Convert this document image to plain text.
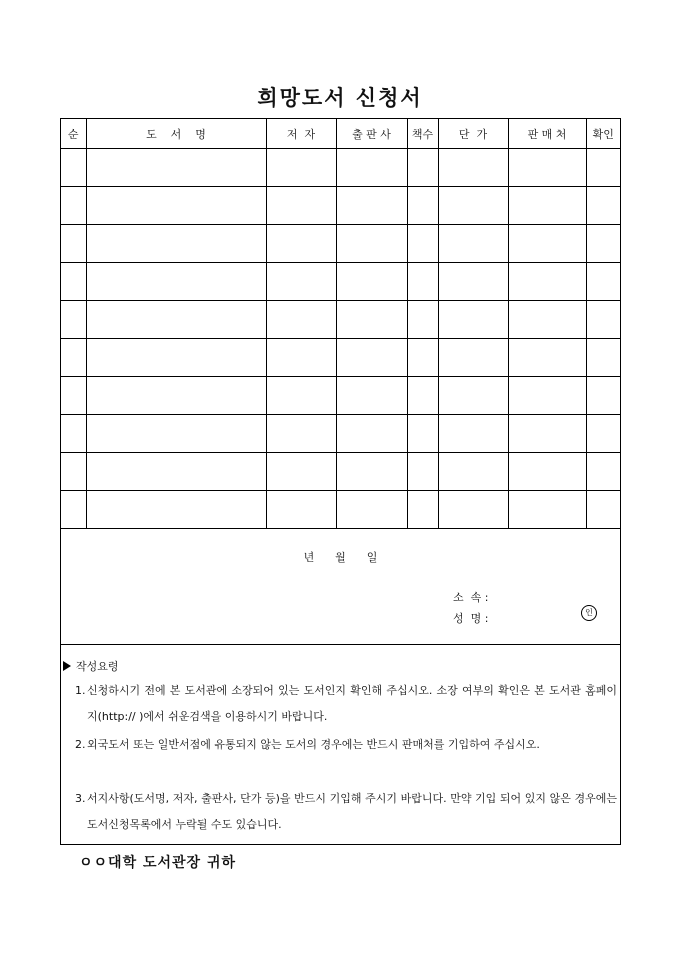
희망도서 신청서
순	도    서    명	저  자	출 판 사	책수	단  가	판 매 처	확인

년      월      일
소  속 :
성  명 :	인
작성요령
1. 신청하시기 전에 본 도서관에 소장되어 있는 도서인지 확인해 주십시오. 소장 여부의 확인은 본 도서관 홈페이지(http:// )에서 쉬운검색을 이용하시기 바랍니다.
2. 외국도서 또는 일반서점에 유통되지 않는 도서의 경우에는 반드시 판매처를 기입하여 주십시오.
3. 서지사항(도서명, 저자, 출판사, 단가 등)을 반드시 기입해 주시기 바랍니다. 만약 기입 되어 있지 않은 경우에는 도서신청목록에서 누락될 수도 있습니다.
ㅇㅇ대학 도서관장 귀하
